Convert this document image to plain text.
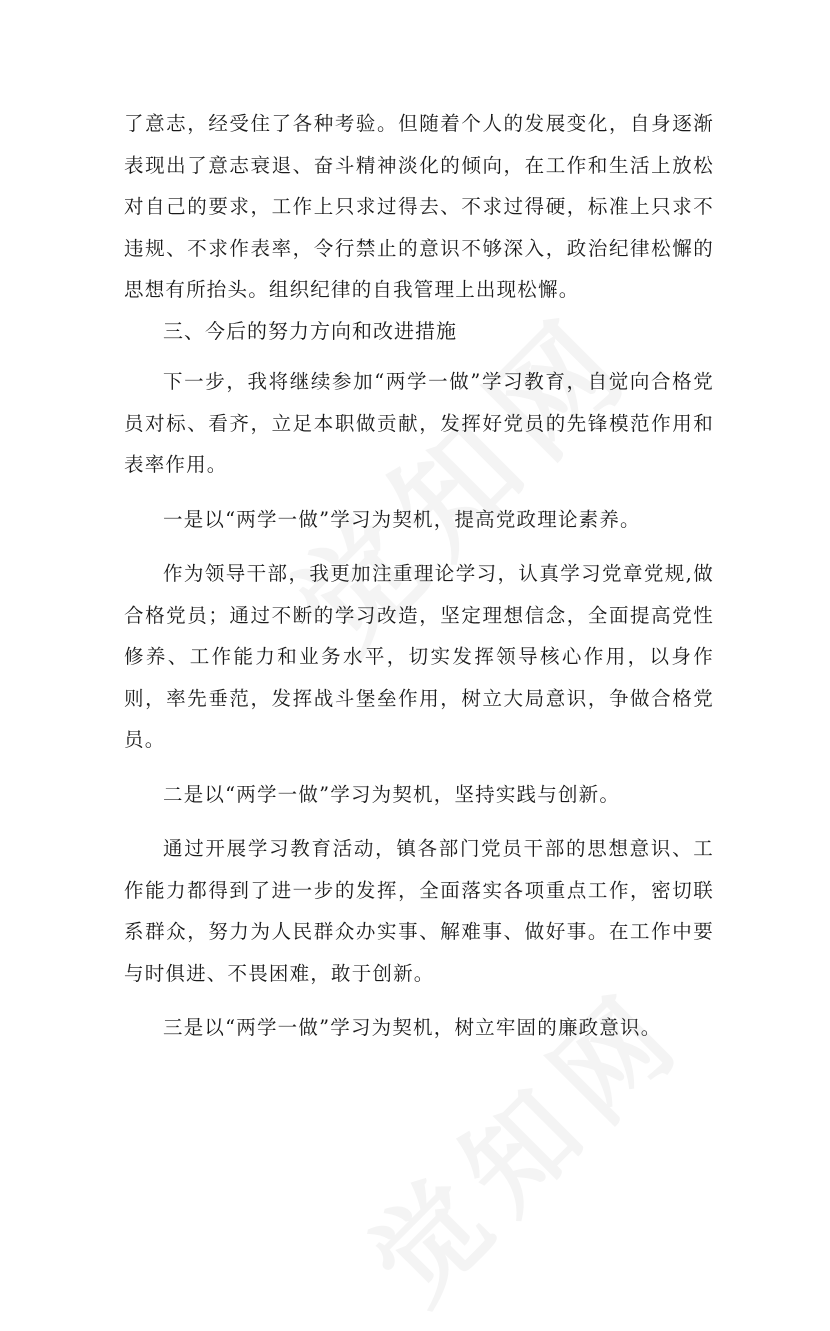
了意志，经受住了各种考验。但随着个人的发展变化，自身逐渐表现出了意志衰退、奋斗精神淡化的倾向，在工作和生活上放松对自己的要求，工作上只求过得去、不求过得硬，标准上只求不违规、不求作表率，令行禁止的意识不够深入，政治纪律松懈的思想有所抬头。组织纪律的自我管理上出现松懈。

三、今后的努力方向和改进措施

下一步，我将继续参加“两学一做”学习教育，自觉向合格党员对标、看齐，立足本职做贡献，发挥好党员的先锋模范作用和表率作用。

一是以“两学一做”学习为契机，提高党政理论素养。

作为领导干部，我更加注重理论学习，认真学习党章党规,做合格党员；通过不断的学习改造，坚定理想信念，全面提高党性修养、工作能力和业务水平，切实发挥领导核心作用，以身作则，率先垂范，发挥战斗堡垒作用，树立大局意识，争做合格党员。

二是以“两学一做”学习为契机，坚持实践与创新。

通过开展学习教育活动，镇各部门党员干部的思想意识、工作能力都得到了进一步的发挥，全面落实各项重点工作，密切联系群众，努力为人民群众办实事、解难事、做好事。在工作中要与时俱进、不畏困难，敢于创新。

三是以“两学一做”学习为契机，树立牢固的廉政意识。
